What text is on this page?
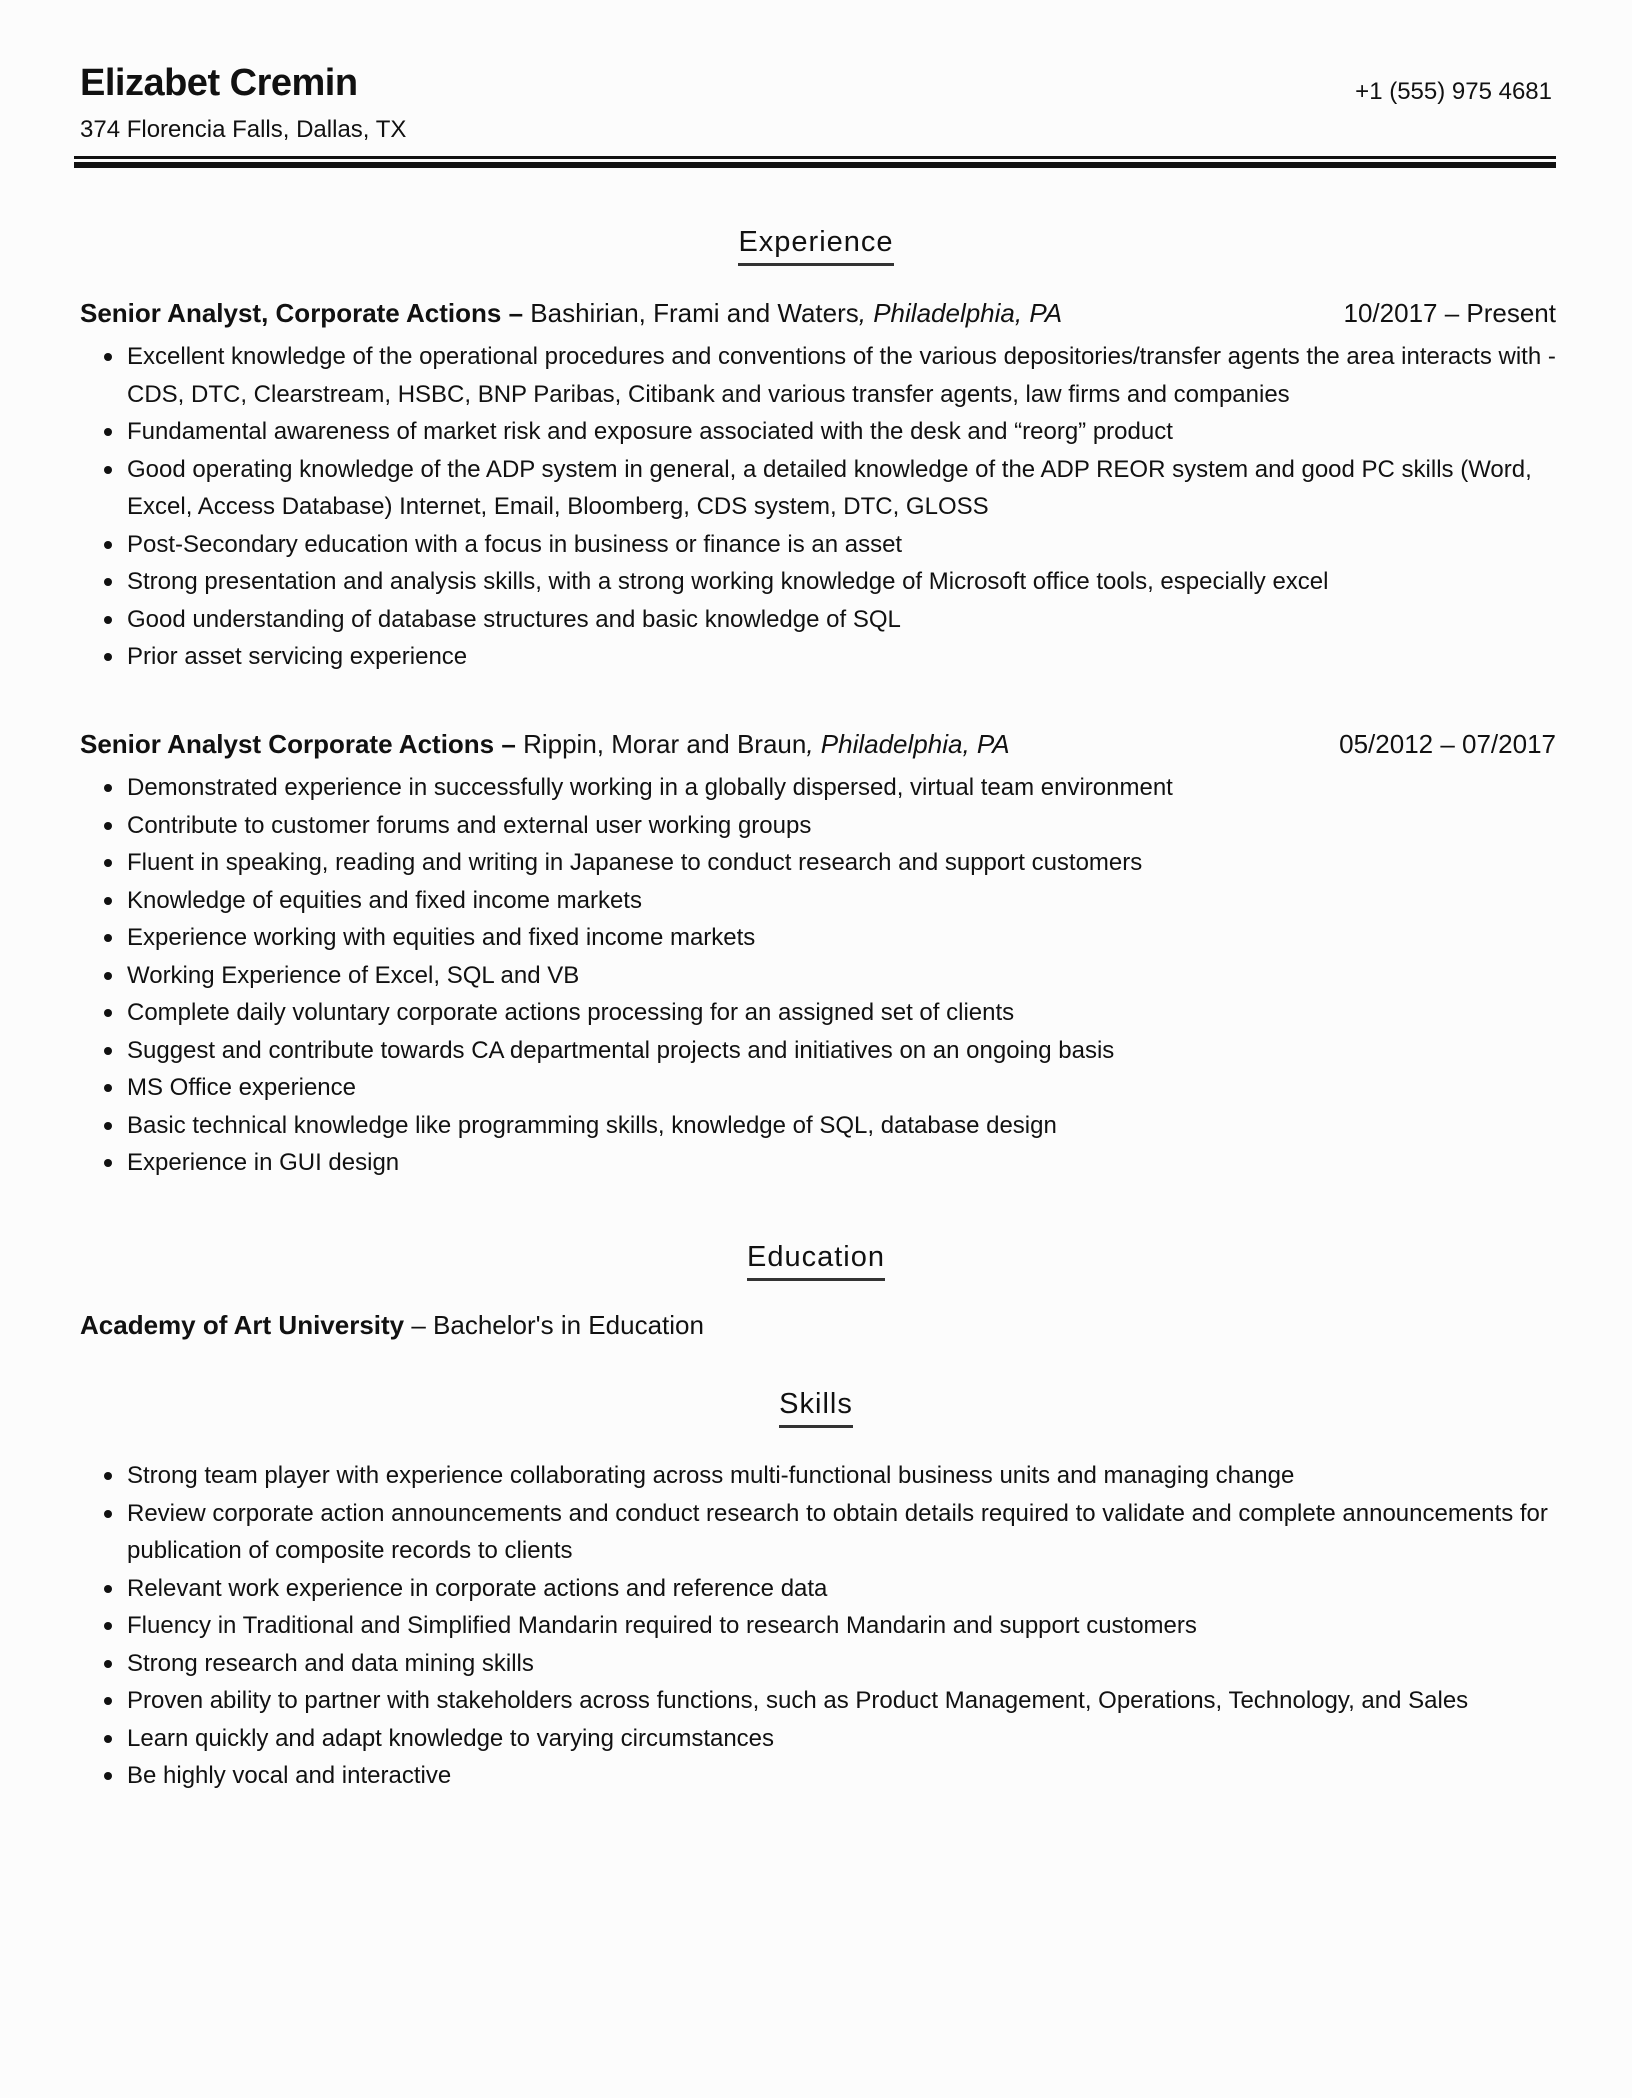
Elizabet Cremin
374 Florencia Falls, Dallas, TX
+1 (555) 975 4681
Experience
Senior Analyst, Corporate Actions – Bashirian, Frami and Waters, Philadelphia, PA	10/2017 – Present
Excellent knowledge of the operational procedures and conventions of the various depositories/transfer agents the area interacts with - CDS, DTC, Clearstream, HSBC, BNP Paribas, Citibank and various transfer agents, law firms and companies
Fundamental awareness of market risk and exposure associated with the desk and “reorg” product
Good operating knowledge of the ADP system in general, a detailed knowledge of the ADP REOR system and good PC skills (Word, Excel, Access Database) Internet, Email, Bloomberg, CDS system, DTC, GLOSS
Post-Secondary education with a focus in business or finance is an asset
Strong presentation and analysis skills, with a strong working knowledge of Microsoft office tools, especially excel
Good understanding of database structures and basic knowledge of SQL
Prior asset servicing experience
Senior Analyst Corporate Actions – Rippin, Morar and Braun, Philadelphia, PA	05/2012 – 07/2017
Demonstrated experience in successfully working in a globally dispersed, virtual team environment
Contribute to customer forums and external user working groups
Fluent in speaking, reading and writing in Japanese to conduct research and support customers
Knowledge of equities and fixed income markets
Experience working with equities and fixed income markets
Working Experience of Excel, SQL and VB
Complete daily voluntary corporate actions processing for an assigned set of clients
Suggest and contribute towards CA departmental projects and initiatives on an ongoing basis
MS Office experience
Basic technical knowledge like programming skills, knowledge of SQL, database design
Experience in GUI design
Education
Academy of Art University – Bachelor's in Education
Skills
Strong team player with experience collaborating across multi-functional business units and managing change
Review corporate action announcements and conduct research to obtain details required to validate and complete announcements for publication of composite records to clients
Relevant work experience in corporate actions and reference data
Fluency in Traditional and Simplified Mandarin required to research Mandarin and support customers
Strong research and data mining skills
Proven ability to partner with stakeholders across functions, such as Product Management, Operations, Technology, and Sales
Learn quickly and adapt knowledge to varying circumstances
Be highly vocal and interactive
